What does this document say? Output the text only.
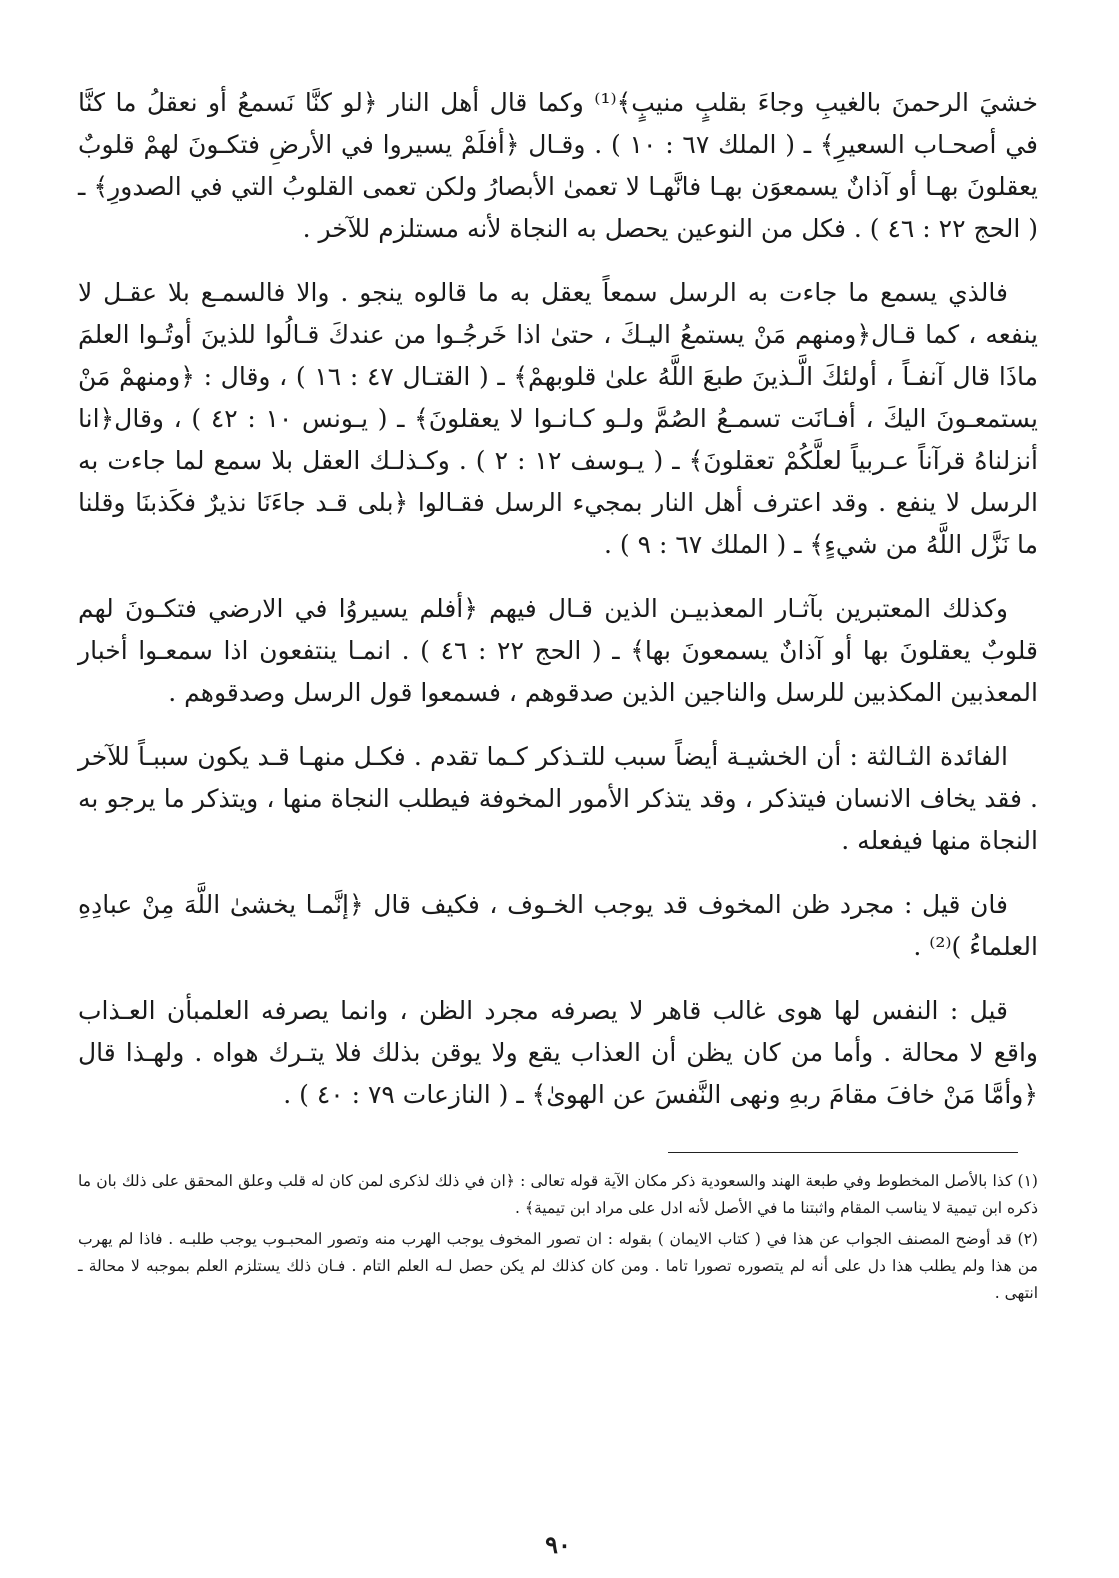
خشيَ الرحمنَ بالغيبِ وجاءَ بقلبٍ منيبٍ﴾⁽¹⁾ وكما قال أهل النار ﴿لو كنَّا نَسمعُ أو نعقلُ ما كنَّا في أصحـاب السعيرِ﴾ ـ ( الملك ٦٧ : ١٠ ) . وقـال ﴿أفلَمْ يسيروا في الأرضِ فتكـونَ لهمْ قلوبٌ يعقلونَ بهـا أو آذانٌ يسمعوَن بهـا فانَّهـا لا تعمىٰ الأبصارُ ولكن تعمى القلوبُ التي في الصدورِ﴾ ـ ( الحج ٢٢ : ٤٦ ) . فكل من النوعين يحصل به النجاة لأنه مستلزم للآخر .

فالذي يسمع ما جاءت به الرسل سمعاً يعقل به ما قالوه ينجو . والا فالسمـع بلا عقـل لا ينفعه ، كما قـال﴿ومنهم مَنْ يستمعُ اليـكَ ، حتىٰ اذا خَرجُـوا من عندكَ قـالُوا للذينَ أوتُـوا العلمَ ماذَا قال آنفـاً ، أولئكَ الَّـذينَ طبعَ اللَّهُ علىٰ قلوبهمْ﴾ ـ ( القتـال ٤٧ : ١٦ ) ، وقال : ﴿ومنهمْ مَنْ يستمعـونَ اليكَ ، أفـانَت تسمـعُ الصُمَّ ولـو كـانـوا لا يعقلونَ﴾ ـ ( يـونس ١٠ : ٤٢ ) ، وقال﴿انا أنزلناهُ قرآناً عـربياً لعلَّكُمْ تعقلونَ﴾ ـ ( يـوسف ١٢ : ٢ ) . وكـذلـك العقل بلا سمع لما جاءت به الرسل لا ينفع . وقد اعترف أهل النار بمجيء الرسل فقـالوا ﴿بلى قـد جاءَنَا نذيرٌ فكَذبنَا وقلنا ما نَزَّل اللَّهُ من شيءٍ﴾ ـ ( الملك ٦٧ : ٩ ) .

وكذلك المعتبرين بآثـار المعذبيـن الذين قـال فيهم ﴿أفلم يسيروُا في الارضي فتكـونَ لهم قلوبٌ يعقلونَ بها أو آذانٌ يسمعونَ بها﴾ ـ ( الحج ٢٢ : ٤٦ ) . انمـا ينتفعون اذا سمعـوا أخبار المعذبين المكذبين للرسل والناجين الذين صدقوهم ، فسمعوا قول الرسل وصدقوهم .

الفائدة الثـالثة : أن الخشيـة أيضاً سبب للتـذكر كـما تقدم . فكـل منهـا قـد يكون سببـاً للآخر . فقد يخاف الانسان فيتذكر ، وقد يتذكر الأمور المخوفة فيطلب النجاة منها ، ويتذكر ما يرجو به النجاة منها فيفعله .

فان قيل : مجرد ظن المخوف قد يوجب الخـوف ، فكيف قال ﴿إنَّمـا يخشىٰ اللَّهَ مِنْ عبادِهِ العلماءُ )⁽²⁾ .

قيل : النفس لها هوى غالب قاهر لا يصرفه مجرد الظن ، وانما يصرفه العلمبأن العـذاب واقع لا محالة . وأما من كان يظن أن العذاب يقع ولا يوقن بذلك فلا يتـرك هواه . ولهـذا قال ﴿وأمَّا مَنْ خافَ مقامَ ربهِ ونهى النَّفسَ عن الهوىٰ﴾ ـ ( النازعات ٧٩ : ٤٠ ) .

(١) كذا بالأصل المخطوط وفي طبعة الهند والسعودية ذكر مكان الآية قوله تعالى : ﴿ان في ذلك لذكرى لمن كان له قلب وعلق المحقق على ذلك بان ما ذكره ابن تيمية لا يناسب المقام واثبتنا ما في الأصل لأنه ادل على مراد ابن تيمية﴾ .

(٢) قد أوضح المصنف الجواب عن هذا في ( كتاب الايمان ) بقوله : ان تصور المخوف يوجب الهرب منه وتصور المحبـوب يوجب طلبـه . فاذا لم يهرب من هذا ولم يطلب هذا دل على أنه لم يتصوره تصورا تاما . ومن كان كذلك لم يكن حصل لـه العلم التام . فـان ذلك يستلزم العلم بموجبه لا محالة ـ انتهى .

٩٠
